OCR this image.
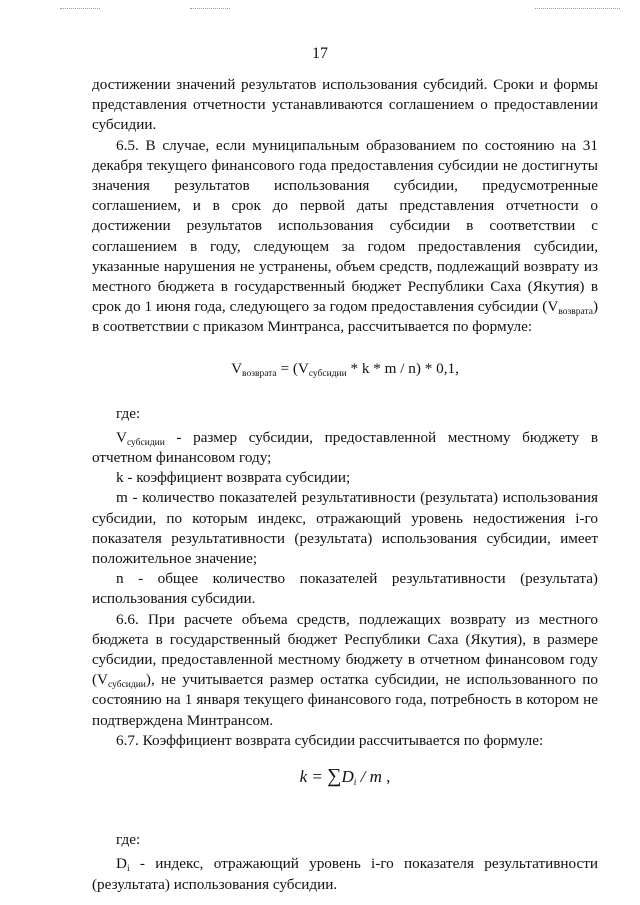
17

достижении значений результатов использования субсидий. Сроки и формы представления отчетности устанавливаются соглашением о предоставлении субсидии.

6.5. В случае, если муниципальным образованием по состоянию на 31 декабря текущего финансового года предоставления субсидии не достигнуты значения результатов использования субсидии, предусмотренные соглашением, и в срок до первой даты представления отчетности о достижении результатов использования субсидии в соответствии с соглашением в году, следующем за годом предоставления субсидии, указанные нарушения не устранены, объем средств, подлежащий возврату из местного бюджета в государственный бюджет Республики Саха (Якутия) в срок до 1 июня года, следующего за годом предоставления субсидии $(V_{возврата})$ в соответствии с приказом Минтранса, рассчитывается по формуле:

$V_{возврата} = (V_{субсидии} * k * m / n) * 0,1$,

где:

$V_{субсидии}$ - размер субсидии, предоставленной местному бюджету в отчетном финансовом году;

k - коэффициент возврата субсидии;

m - количество показателей результативности (результата) использования субсидии, по которым индекс, отражающий уровень недостижения i-го показателя результативности (результата) использования субсидии, имеет положительное значение;

n - общее количество показателей результативности (результата) использования субсидии.

6.6. При расчете объема средств, подлежащих возврату из местного бюджета в государственный бюджет Республики Саха (Якутия), в размере субсидии, предоставленной местному бюджету в отчетном финансовом году $(V_{субсидии})$, не учитывается размер остатка субсидии, не использованного по состоянию на 1 января текущего финансового года, потребность в котором не подтверждена Минтрансом.

6.7. Коэффициент возврата субсидии рассчитывается по формуле:

$k = \sum D_i / m$ ,

где:

$D_i$ - индекс, отражающий уровень i-го показателя результативности (результата) использования субсидии.
